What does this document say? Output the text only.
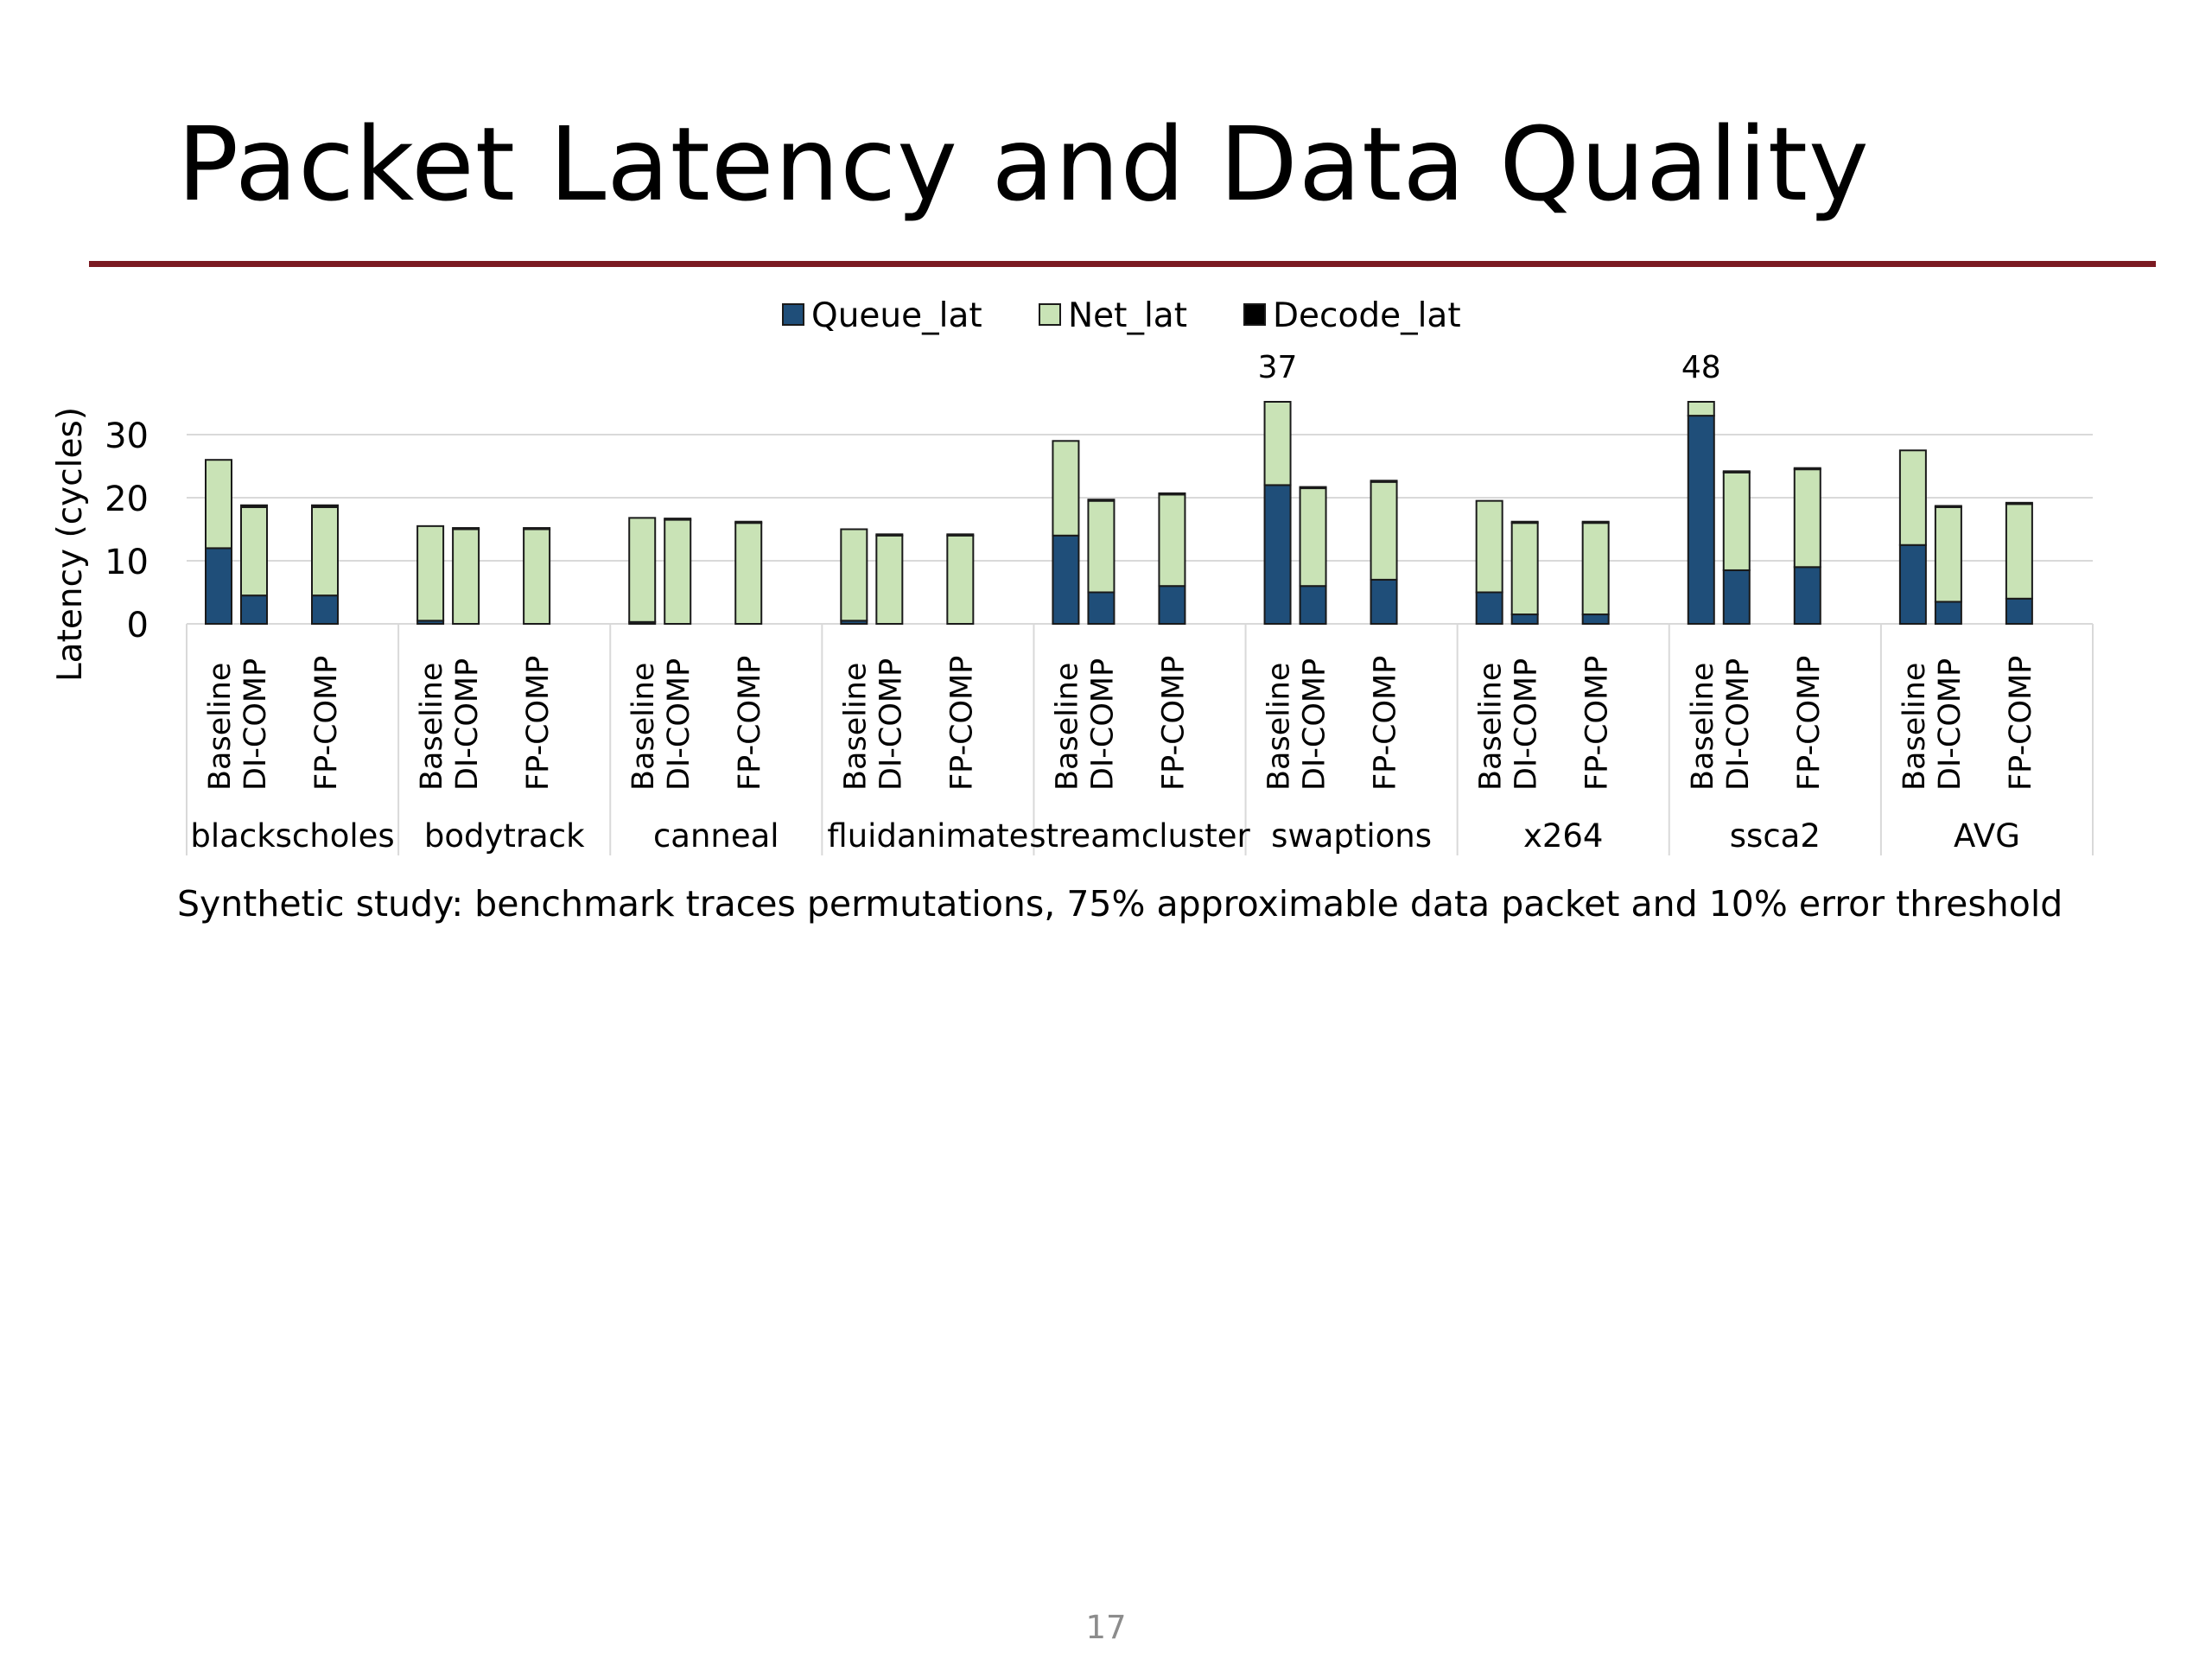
Packet Latency and Data Quality
0
10
20
30
Latency (cycles)
Baseline DI-COMP FP-COMP
blackscholes
Baseline DI-COMP FP-COMP
bodytrack
Baseline DI-COMP FP-COMP
canneal
Baseline DI-COMP FP-COMP
fluidanimate
Baseline DI-COMP FP-COMP
streamcluster
Baseline DI-COMP FP-COMP
swaptions
Baseline DI-COMP FP-COMP
x264
Baseline DI-COMP FP-COMP
ssca2
Baseline DI-COMP FP-COMP
AVG
37	48
Queue_lat	Net_lat	Decode_lat
Synthetic study: benchmark traces permutations, 75% approximable data packet and 10% error threshold
17
